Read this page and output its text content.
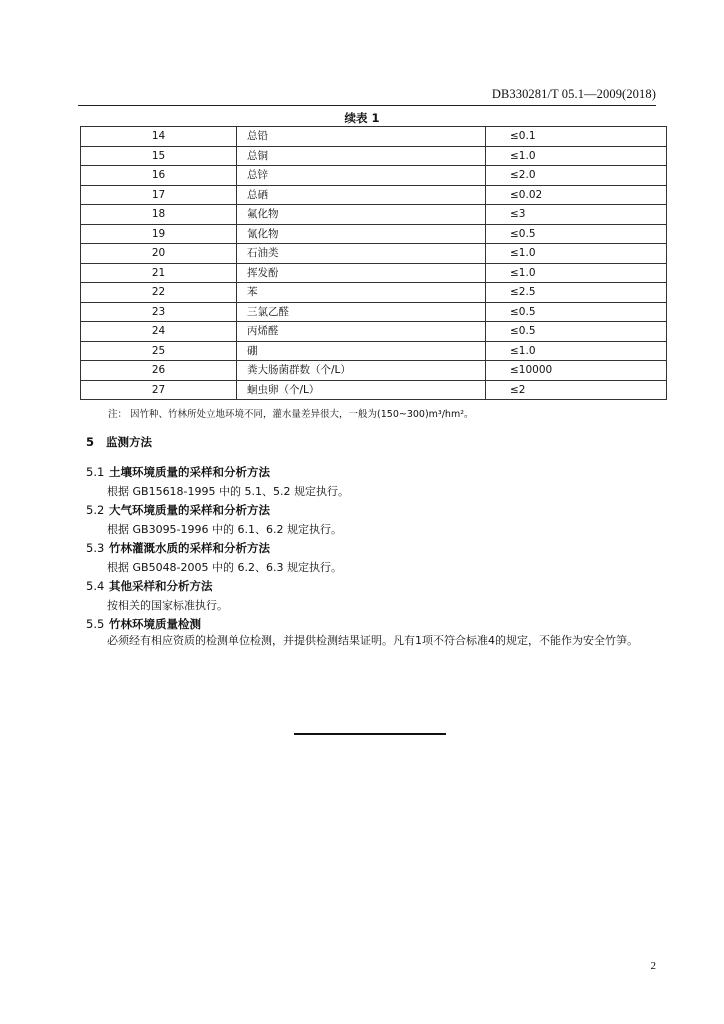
DB330281/T 05.1—2009(2018)
续表 1
14	总铅	≤0.1
15	总铜	≤1.0
16	总锌	≤2.0
17	总硒	≤0.02
18	氟化物	≤3
19	氰化物	≤0.5
20	石油类	≤1.0
21	挥发酚	≤1.0
22	苯	≤2.5
23	三氯乙醛	≤0.5
24	丙烯醛	≤0.5
25	硼	≤1.0
26	粪大肠菌群数（个/L）	≤10000
27	蛔虫卵（个/L）	≤2
注： 因竹种、竹林所处立地环境不同，灌水量差异很大，一般为(150~300)m³/hm²。
5 监测方法
5.1 土壤环境质量的采样和分析方法
根据 GB15618-1995 中的 5.1、5.2 规定执行。
5.2 大气环境质量的采样和分析方法
根据 GB3095-1996 中的 6.1、6.2 规定执行。
5.3 竹林灌溉水质的采样和分析方法
根据 GB5048-2005 中的 6.2、6.3 规定执行。
5.4 其他采样和分析方法
按相关的国家标准执行。
5.5 竹林环境质量检测
必须经有相应资质的检测单位检测，并提供检测结果证明。凡有1项不符合标准4的规定，不能作为安全竹笋。
2
